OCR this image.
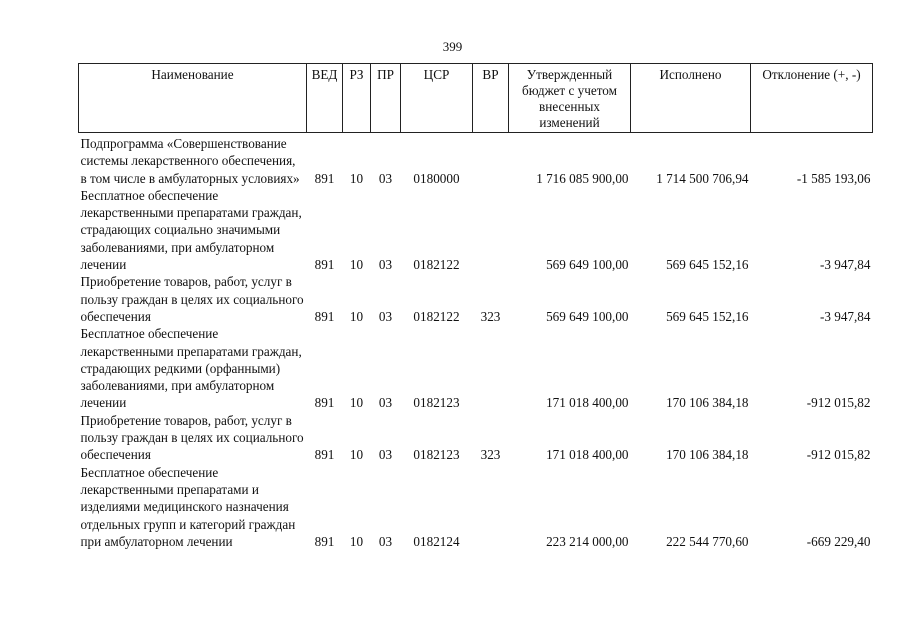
399
Наименование	ВЕД	РЗ	ПР	ЦСР	ВР	Утвержденный бюджет с учетом внесенных изменений	Исполнено	Отклонение (+, -)
Подпрограмма «Совершенствование системы лекарственного обеспечения, в том числе в амбулаторных условиях»	891	10	03	0180000		1 716 085 900,00	1 714 500 706,94	-1 585 193,06
Бесплатное обеспечение лекарственными препаратами граждан, страдающих социально значимыми заболеваниями, при амбулаторном лечении	891	10	03	0182122		569 649 100,00	569 645 152,16	-3 947,84
Приобретение товаров, работ, услуг в пользу граждан в целях их социального обеспечения	891	10	03	0182122	323	569 649 100,00	569 645 152,16	-3 947,84
Бесплатное обеспечение лекарственными препаратами граждан, страдающих редкими (орфанными) заболеваниями, при амбулаторном лечении	891	10	03	0182123		171 018 400,00	170 106 384,18	-912 015,82
Приобретение товаров, работ, услуг в пользу граждан в целях их социального обеспечения	891	10	03	0182123	323	171 018 400,00	170 106 384,18	-912 015,82
Бесплатное обеспечение лекарственными препаратами и изделиями медицинского назначения отдельных групп и категорий граждан при амбулаторном лечении	891	10	03	0182124		223 214 000,00	222 544 770,60	-669 229,40
